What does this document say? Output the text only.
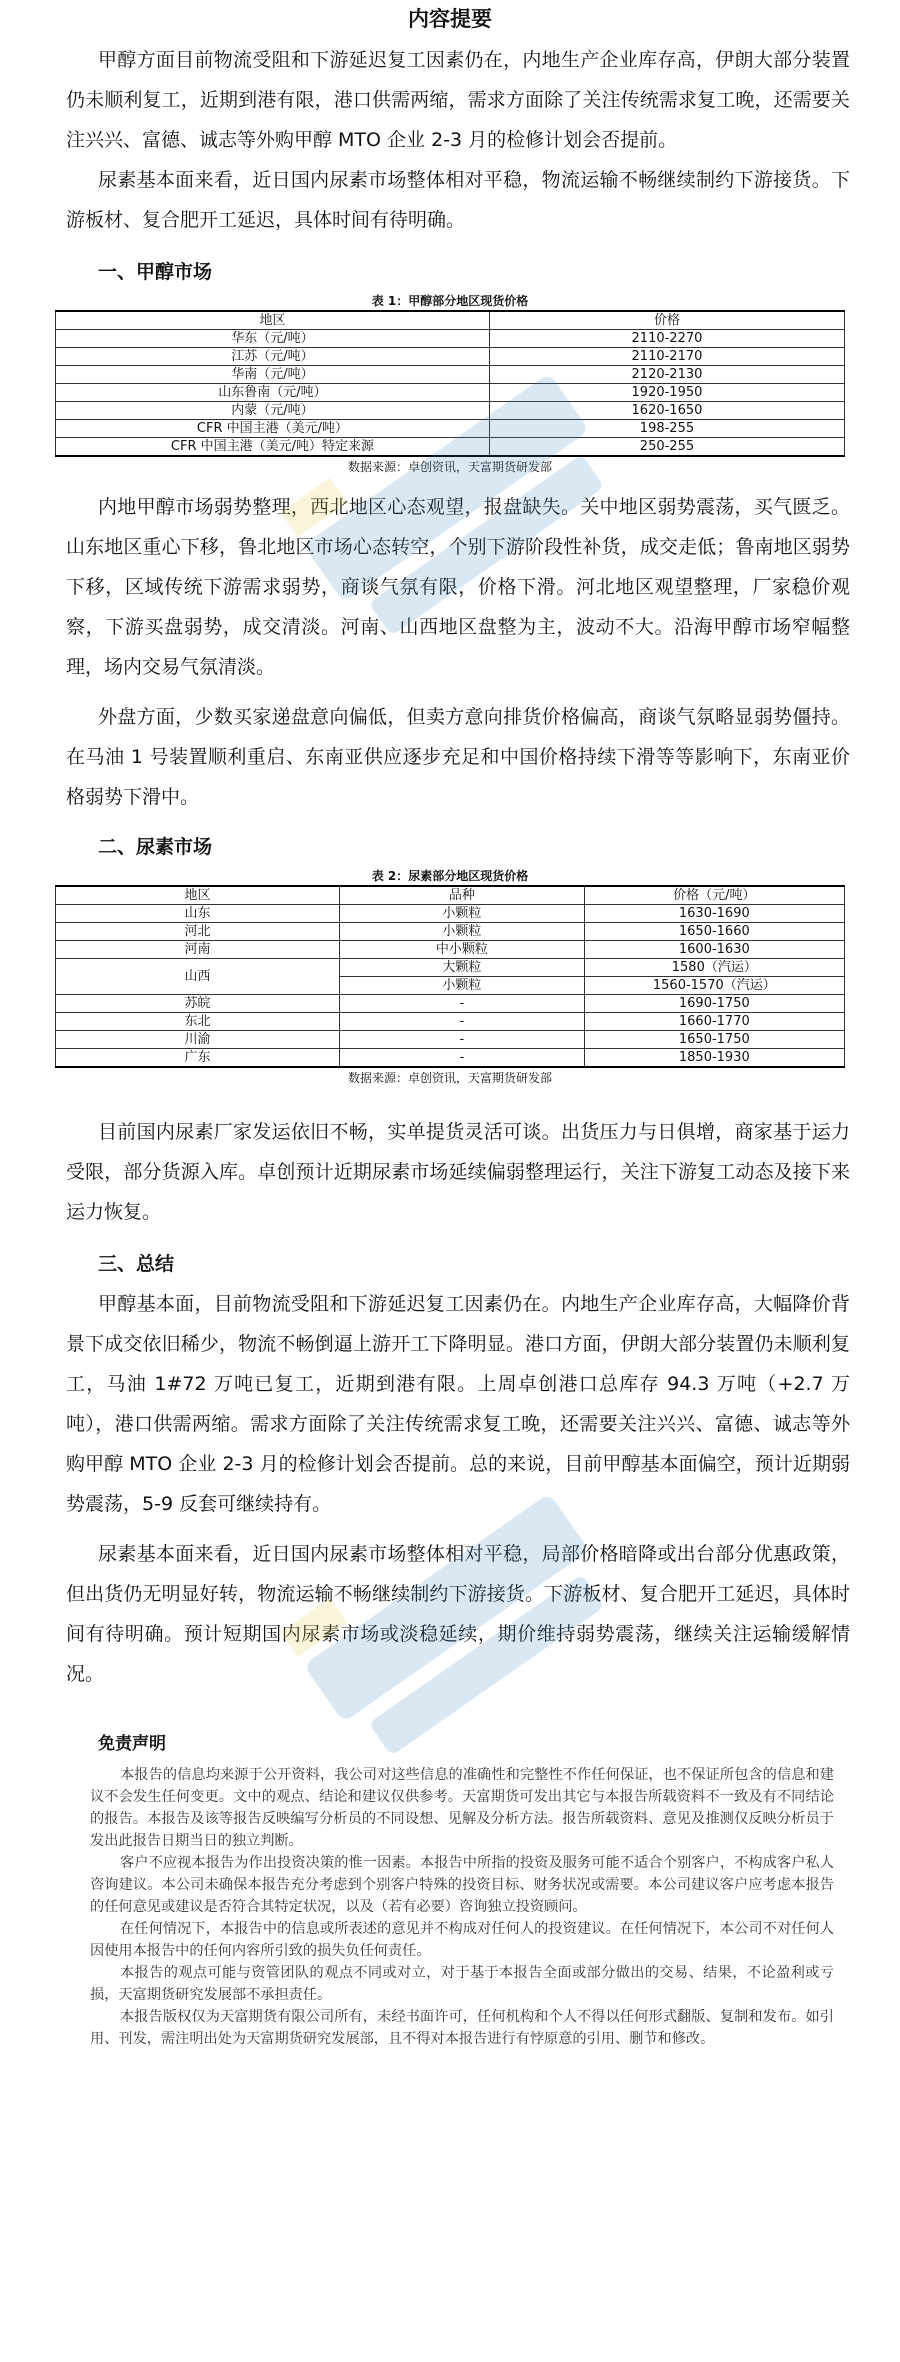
内容提要

甲醇方面目前物流受阻和下游延迟复工因素仍在，内地生产企业库存高，伊朗大部分装置仍未顺利复工，近期到港有限，港口供需两缩，需求方面除了关注传统需求复工晚，还需要关注兴兴、富德、诚志等外购甲醇 MTO 企业 2-3 月的检修计划会否提前。

尿素基本面来看，近日国内尿素市场整体相对平稳，物流运输不畅继续制约下游接货。下游板材、复合肥开工延迟，具体时间有待明确。

一、甲醇市场

表 1：甲醇部分地区现货价格

地区	价格
华东（元/吨）	2110-2270
江苏（元/吨）	2110-2170
华南（元/吨）	2120-2130
山东鲁南（元/吨）	1920-1950
内蒙（元/吨）	1620-1650
CFR 中国主港（美元/吨）	198-255
CFR 中国主港（美元/吨）特定来源	250-255

数据来源：卓创资讯，天富期货研发部

内地甲醇市场弱势整理，西北地区心态观望，报盘缺失。关中地区弱势震荡，买气匮乏。山东地区重心下移，鲁北地区市场心态转空，个别下游阶段性补货，成交走低；鲁南地区弱势下移，区域传统下游需求弱势，商谈气氛有限，价格下滑。河北地区观望整理，厂家稳价观察，下游买盘弱势，成交清淡。河南、山西地区盘整为主，波动不大。沿海甲醇市场窄幅整理，场内交易气氛清淡。

外盘方面，少数买家递盘意向偏低，但卖方意向排货价格偏高，商谈气氛略显弱势僵持。在马油 1 号装置顺利重启、东南亚供应逐步充足和中国价格持续下滑等等影响下，东南亚价格弱势下滑中。

二、尿素市场

表 2：尿素部分地区现货价格

地区	品种	价格（元/吨）
山东	小颗粒	1630-1690
河北	小颗粒	1650-1660
河南	中小颗粒	1600-1630
山西	大颗粒	1580（汽运）
	小颗粒	1560-1570（汽运）
苏皖	-	1690-1750
东北	-	1660-1770
川渝	-	1650-1750
广东	-	1850-1930

数据来源：卓创资讯，天富期货研发部

目前国内尿素厂家发运依旧不畅，实单提货灵活可谈。出货压力与日俱增，商家基于运力受限，部分货源入库。卓创预计近期尿素市场延续偏弱整理运行，关注下游复工动态及接下来运力恢复。

三、总结

甲醇基本面，目前物流受阻和下游延迟复工因素仍在。内地生产企业库存高，大幅降价背景下成交依旧稀少，物流不畅倒逼上游开工下降明显。港口方面，伊朗大部分装置仍未顺利复工，马油 1#72 万吨已复工，近期到港有限。上周卓创港口总库存 94.3 万吨（+2.7 万吨），港口供需两缩。需求方面除了关注传统需求复工晚，还需要关注兴兴、富德、诚志等外购甲醇 MTO 企业 2-3 月的检修计划会否提前。总的来说，目前甲醇基本面偏空，预计近期弱势震荡，5-9 反套可继续持有。

尿素基本面来看，近日国内尿素市场整体相对平稳，局部价格暗降或出台部分优惠政策，但出货仍无明显好转，物流运输不畅继续制约下游接货。下游板材、复合肥开工延迟，具体时间有待明确。预计短期国内尿素市场或淡稳延续，期价维持弱势震荡，继续关注运输缓解情况。

免责声明

本报告的信息均来源于公开资料，我公司对这些信息的准确性和完整性不作任何保证，也不保证所包含的信息和建议不会发生任何变更。文中的观点、结论和建议仅供参考。天富期货可发出其它与本报告所载资料不一致及有不同结论的报告。本报告及该等报告反映编写分析员的不同设想、见解及分析方法。报告所载资料、意见及推测仅反映分析员于发出此报告日期当日的独立判断。

客户不应视本报告为作出投资决策的惟一因素。本报告中所指的投资及服务可能不适合个别客户，不构成客户私人咨询建议。本公司未确保本报告充分考虑到个别客户特殊的投资目标、财务状况或需要。本公司建议客户应考虑本报告的任何意见或建议是否符合其特定状况，以及（若有必要）咨询独立投资顾问。

在任何情况下，本报告中的信息或所表述的意见并不构成对任何人的投资建议。在任何情况下，本公司不对任何人因使用本报告中的任何内容所引致的损失负任何责任。

本报告的观点可能与资管团队的观点不同或对立，对于基于本报告全面或部分做出的交易、结果，不论盈利或亏损，天富期货研究发展部不承担责任。

本报告版权仅为天富期货有限公司所有，未经书面许可，任何机构和个人不得以任何形式翻版、复制和发布。如引用、刊发，需注明出处为天富期货研究发展部，且不得对本报告进行有悖原意的引用、删节和修改。
